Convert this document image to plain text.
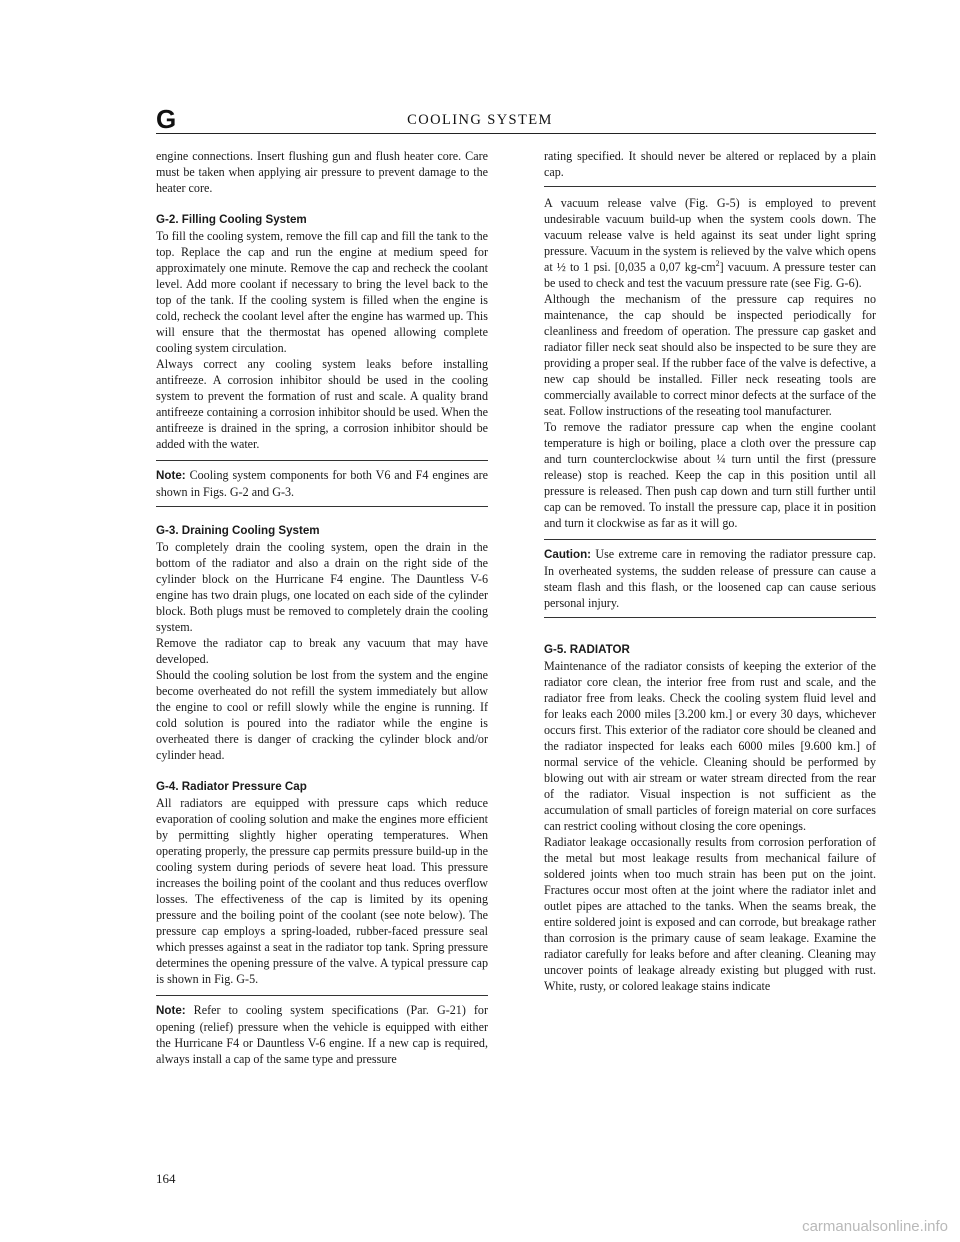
G	COOLING SYSTEM

engine connections. Insert flushing gun and flush heater core. Care must be taken when applying air pressure to prevent damage to the heater core.

G-2. Filling Cooling System

To fill the cooling system, remove the fill cap and fill the tank to the top. Replace the cap and run the engine at medium speed for approximately one minute. Remove the cap and recheck the coolant level. Add more coolant if necessary to bring the level back to the top of the tank. If the cooling system is filled when the engine is cold, recheck the coolant level after the engine has warmed up. This will ensure that the thermostat has opened allowing complete cooling system circulation.

Always correct any cooling system leaks before installing antifreeze. A corrosion inhibitor should be used in the cooling system to prevent the formation of rust and scale. A quality brand antifreeze containing a corrosion inhibitor should be used. When the antifreeze is drained in the spring, a corrosion inhibitor should be added with the water.

Note: Cooling system components for both V6 and F4 engines are shown in Figs. G-2 and G-3.

G-3. Draining Cooling System

To completely drain the cooling system, open the drain in the bottom of the radiator and also a drain on the right side of the cylinder block on the Hurricane F4 engine. The Dauntless V-6 engine has two drain plugs, one located on each side of the cylinder block. Both plugs must be removed to completely drain the cooling system.

Remove the radiator cap to break any vacuum that may have developed.

Should the cooling solution be lost from the system and the engine become overheated do not refill the system immediately but allow the engine to cool or refill slowly while the engine is running. If cold solution is poured into the radiator while the engine is overheated there is danger of cracking the cylinder block and/or cylinder head.

G-4. Radiator Pressure Cap

All radiators are equipped with pressure caps which reduce evaporation of cooling solution and make the engines more efficient by permitting slightly higher operating temperatures. When operating properly, the pressure cap permits pressure build-up in the cooling system during periods of severe heat load. This pressure increases the boiling point of the coolant and thus reduces overflow losses. The effectiveness of the cap is limited by its opening pressure and the boiling point of the coolant (see note below). The pressure cap employs a spring-loaded, rubber-faced pressure seal which presses against a seat in the radiator top tank. Spring pressure determines the opening pressure of the valve. A typical pressure cap is shown in Fig. G-5.

Note: Refer to cooling system specifications (Par. G-21) for opening (relief) pressure when the vehicle is equipped with either the Hurricane F4 or Dauntless V-6 engine. If a new cap is required, always install a cap of the same type and pressure
rating specified. It should never be altered or replaced by a plain cap.

A vacuum release valve (Fig. G-5) is employed to prevent undesirable vacuum build-up when the system cools down. The vacuum release valve is held against its seat under light spring pressure. Vacuum in the system is relieved by the valve which opens at ½ to 1 psi. [0,035 a 0,07 $kg-cm^2$] vacuum. A pressure tester can be used to check and test the vacuum pressure rate (see Fig. G-6).

Although the mechanism of the pressure cap requires no maintenance, the cap should be inspected periodically for cleanliness and freedom of operation. The pressure cap gasket and radiator filler neck seat should also be inspected to be sure they are providing a proper seal. If the rubber face of the valve is defective, a new cap should be installed. Filler neck reseating tools are commercially available to correct minor defects at the surface of the seat. Follow instructions of the reseating tool manufacturer.

To remove the radiator pressure cap when the engine coolant temperature is high or boiling, place a cloth over the pressure cap and turn counterclockwise about ¼ turn until the first (pressure release) stop is reached. Keep the cap in this position until all pressure is released. Then push cap down and turn still further until cap can be removed. To install the pressure cap, place it in position and turn it clockwise as far as it will go.

Caution: Use extreme care in removing the radiator pressure cap. In overheated systems, the sudden release of pressure can cause a steam flash and this flash, or the loosened cap can cause serious personal injury.

G-5. RADIATOR

Maintenance of the radiator consists of keeping the exterior of the radiator core clean, the interior free from rust and scale, and the radiator free from leaks. Check the cooling system fluid level and for leaks each 2000 miles [3.200 km.] or every 30 days, whichever occurs first. This exterior of the radiator core should be cleaned and the radiator inspected for leaks each 6000 miles [9.600 km.] of normal service of the vehicle. Cleaning should be performed by blowing out with air stream or water stream directed from the rear of the radiator. Visual inspection is not sufficient as the accumulation of small particles of foreign material on core surfaces can restrict cooling without closing the core openings.

Radiator leakage occasionally results from corrosion perforation of the metal but most leakage results from mechanical failure of soldered joints when too much strain has been put on the joint. Fractures occur most often at the joint where the radiator inlet and outlet pipes are attached to the tanks. When the seams break, the entire soldered joint is exposed and can corrode, but breakage rather than corrosion is the primary cause of seam leakage. Examine the radiator carefully for leaks before and after cleaning. Cleaning may uncover points of leakage already existing but plugged with rust. White, rusty, or colored leakage stains indicate

164
carmanualsonline.info
